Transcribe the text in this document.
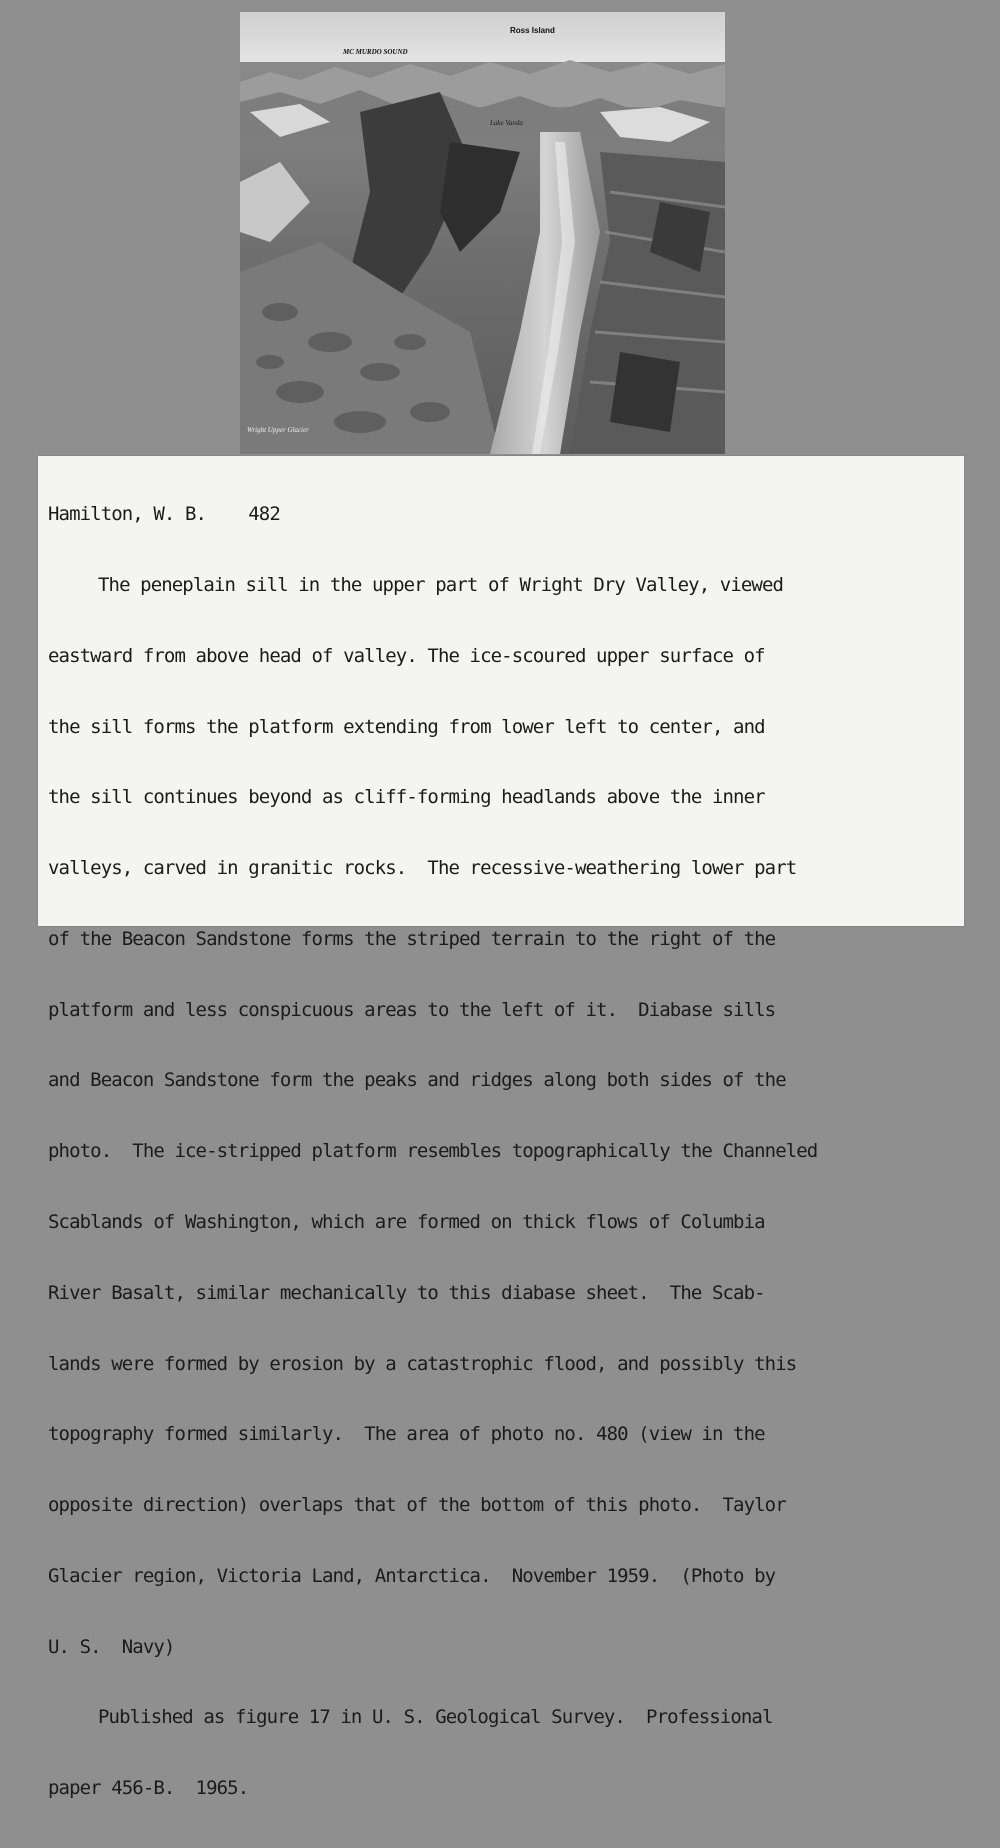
Ross Island
MC MURDO SOUND
Lake Vanda
Wright Upper Glacier

Hamilton, W. B.    482

The peneplain sill in the upper part of Wright Dry Valley, viewed

eastward from above head of valley. The ice-scoured upper surface of

the sill forms the platform extending from lower left to center, and

the sill continues beyond as cliff-forming headlands above the inner

valleys, carved in granitic rocks.  The recessive-weathering lower part

of the Beacon Sandstone forms the striped terrain to the right of the

platform and less conspicuous areas to the left of it.  Diabase sills

and Beacon Sandstone form the peaks and ridges along both sides of the

photo.  The ice-stripped platform resembles topographically the Channeled

Scablands of Washington, which are formed on thick flows of Columbia

River Basalt, similar mechanically to this diabase sheet.  The Scab-

lands were formed by erosion by a catastrophic flood, and possibly this

topography formed similarly.  The area of photo no. 480 (view in the

opposite direction) overlaps that of the bottom of this photo.  Taylor

Glacier region, Victoria Land, Antarctica.  November 1959.  (Photo by

U. S.  Navy)

Published as figure 17 in U. S. Geological Survey.  Professional

paper 456-B.  1965.
